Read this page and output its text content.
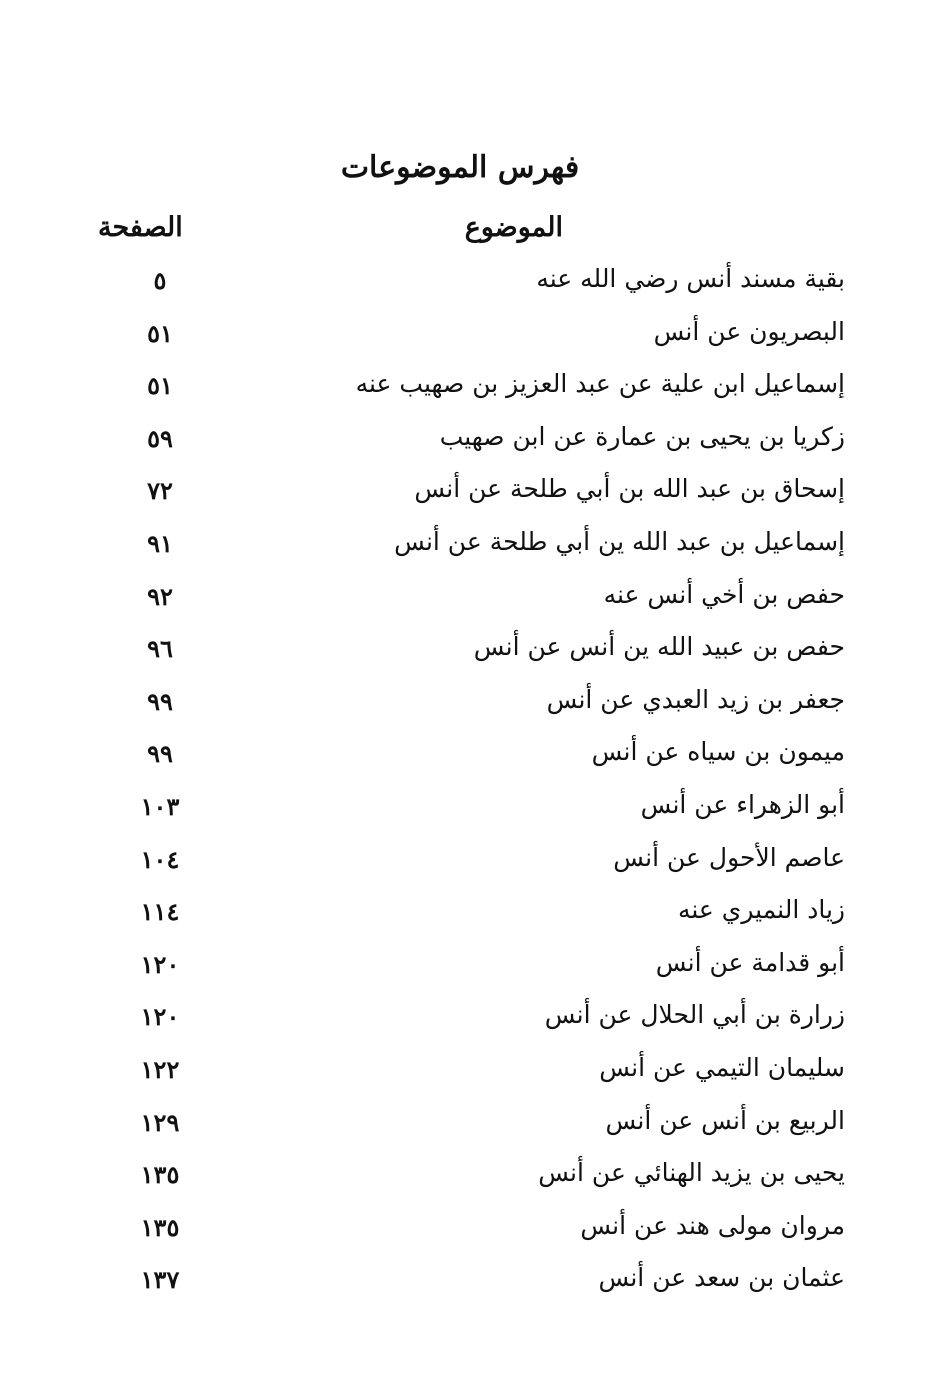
فهرس الموضوعات
الموضوع
الصفحة
بقية مسند أنس رضي الله عنه
٥
البصريون عن أنس
٥١
إسماعيل ابن علية عن عبد العزيز بن صهيب عنه
٥١
زكريا بن يحيى بن عمارة عن ابن صهيب
٥٩
إسحاق بن عبد الله بن أبي طلحة عن أنس
٧٢
إسماعيل بن عبد الله ين أبي طلحة عن أنس
٩١
حفص بن أخي أنس عنه
٩٢
حفص بن عبيد الله ين أنس عن أنس
٩٦
جعفر بن زيد العبدي عن أنس
٩٩
ميمون بن سياه عن أنس
٩٩
أبو الزهراء عن أنس
١٠٣
عاصم الأحول عن أنس
١٠٤
زياد النميري عنه
١١٤
أبو قدامة عن أنس
١٢٠
زرارة بن أبي الحلال عن أنس
١٢٠
سليمان التيمي عن أنس
١٢٢
الربيع بن أنس عن أنس
١٢٩
يحيى بن يزيد الهنائي عن أنس
١٣٥
مروان مولى هند عن أنس
١٣٥
عثمان بن سعد عن أنس
١٣٧
